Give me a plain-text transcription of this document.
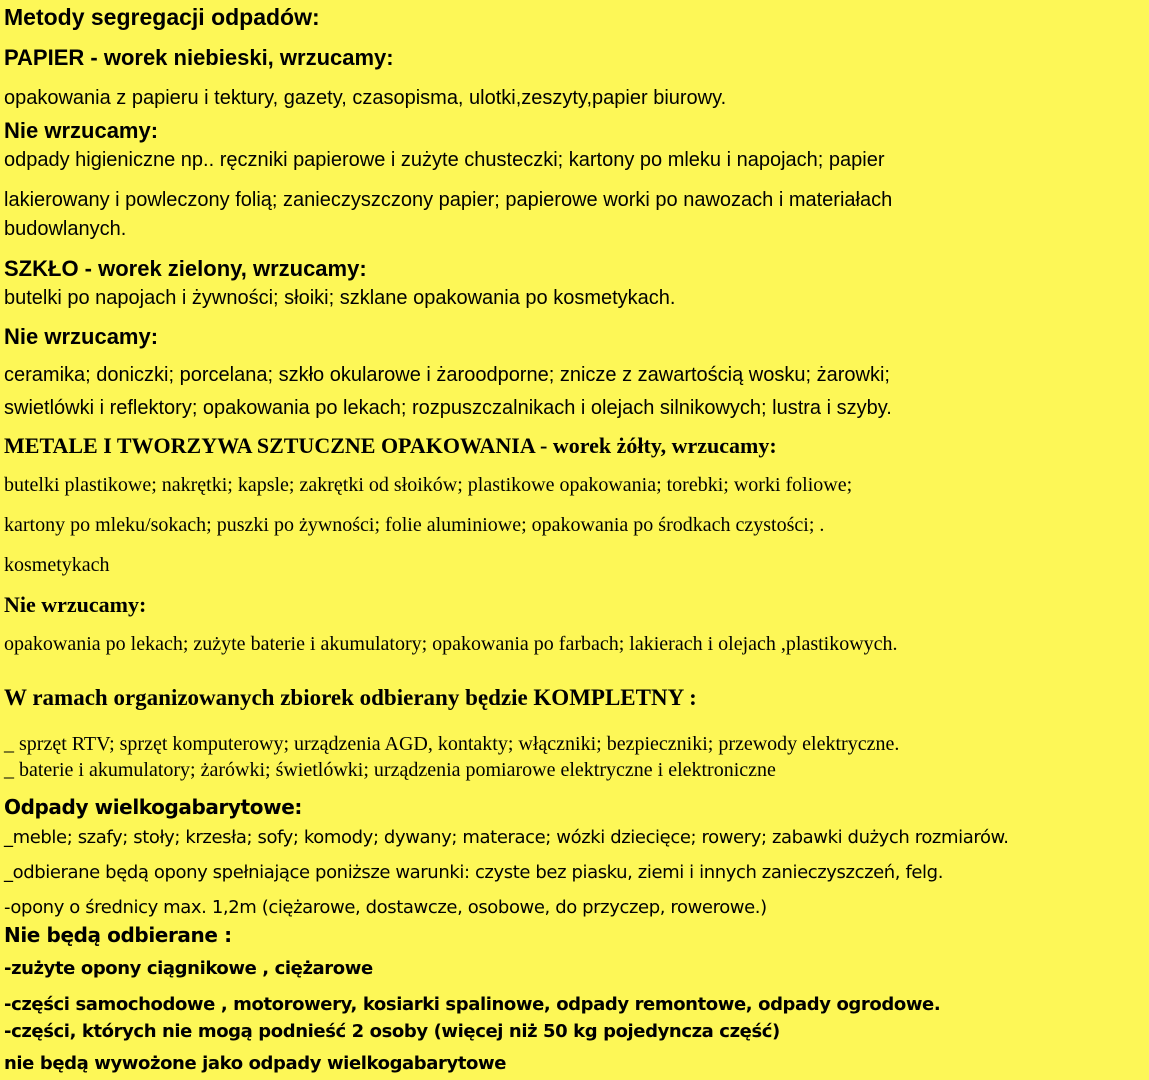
Metody segregacji odpadów:
PAPIER - worek niebieski, wrzucamy:
opakowania z papieru i tektury, gazety, czasopisma, ulotki,zeszyty,papier biurowy.
Nie wrzucamy:
odpady higieniczne np.. ręczniki papierowe i zużyte chusteczki; kartony po mleku i napojach; papier
lakierowany i powleczony folią; zanieczyszczony papier; papierowe worki po nawozach i materiałach
budowlanych.
SZKŁO - worek zielony, wrzucamy:
butelki po napojach i żywności; słoiki; szklane opakowania po kosmetykach.
Nie wrzucamy:
ceramika; doniczki; porcelana; szkło okularowe i żaroodporne; znicze z zawartością wosku; żarowki;
swietlówki i reflektory; opakowania po lekach; rozpuszczalnikach i olejach silnikowych; lustra i szyby.
METALE I TWORZYWA SZTUCZNE OPAKOWANIA - worek żółty, wrzucamy:
butelki plastikowe; nakrętki; kapsle; zakrętki od słoików; plastikowe opakowania; torebki; worki foliowe;
kartony po mleku/sokach; puszki po żywności; folie aluminiowe; opakowania po środkach czystości; .
kosmetykach
Nie wrzucamy:
opakowania po lekach; zużyte baterie i akumulatory; opakowania po farbach; lakierach i olejach ,plastikowych.
W ramach organizowanych zbiorek odbierany będzie KOMPLETNY :
_ sprzęt RTV; sprzęt komputerowy; urządzenia AGD, kontakty; włączniki; bezpieczniki; przewody elektryczne.
_ baterie i akumulatory; żarówki; świetlówki; urządzenia pomiarowe elektryczne i elektroniczne
Odpady wielkogabarytowe:
_meble; szafy; stoły; krzesła; sofy; komody; dywany; materace; wózki dziecięce; rowery; zabawki dużych rozmiarów.
_odbierane będą opony spełniające poniższe warunki: czyste bez piasku, ziemi i innych zanieczyszczeń, felg.
-opony o średnicy max. 1,2m (ciężarowe, dostawcze, osobowe, do przyczep, rowerowe.)
Nie będą odbierane :
-zużyte opony ciągnikowe , ciężarowe
-części samochodowe , motorowery, kosiarki spalinowe, odpady remontowe, odpady ogrodowe.
-części, których nie mogą podnieść 2 osoby (więcej niż 50 kg pojedyncza część)
nie będą wywożone jako odpady wielkogabarytowe
